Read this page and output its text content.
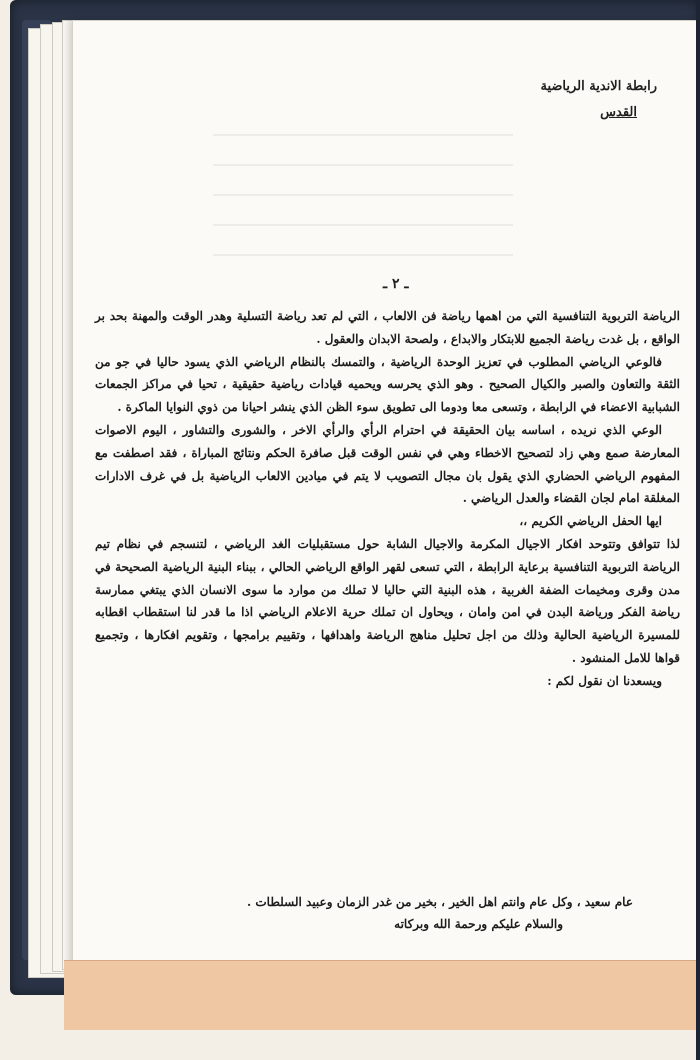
رابطة الاندية الرياضية
القدس
ـ ٢ ـ

الرياضة التربوية التنافسية التي من اهمها رياضة فن الالعاب ، التي لم تعد رياضة التسلية وهدر الوقت والمهنة بحد بر الواقع ، بل غدت رياضة الجميع للابتكار والابداع ، ولصحة الابدان والعقول .

فالوعي الرياضي المطلوب في تعزيز الوحدة الرياضية ، والتمسك بالنظام الرياضي الذي يسود حاليا في جو من الثقة والتعاون والصبر والكيال الصحيح . وهو الذي يحرسه ويحميه قيادات رياضية حقيقية ، تحيا في مراكز الجمعات الشبابية الاعضاء في الرابطة ، وتسعى معا ودوما الى تطويق سوء الظن الذي ينشر احيانا من ذوي النوايا الماكرة .

الوعي الذي نريده ، اساسه بيان الحقيقة في احترام الرأي والرأي الاخر ، والشورى والتشاور ، اليوم الاصوات المعارضة صمع وهي زاد لتصحيح الاخطاء وهي في نفس الوقت قبل صافرة الحكم ونتائج المباراة ، فقد اصطفت مع المفهوم الرياضي الحضاري الذي يقول بان مجال التصويب لا يتم في ميادين الالعاب الرياضية بل في غرف الادارات المغلقة امام لجان القضاء والعدل الرياضي .

ايها الحفل الرياضي الكريم ،،

لذا تتوافق وتتوحد افكار الاجيال المكرمة والاجيال الشابة حول مستقبليات الغد الرياضي ، لتنسجم في نظام تيم الرياضة التربوية التنافسية برعاية الرابطة ، التي تسعى لقهر الواقع الرياضي الحالي ، ببناء البنية الرياضية الصحيحة في مدن وقرى ومخيمات الضفة الغربية ، هذه البنية التي حاليا لا تملك من موارد ما سوى الانسان الذي يبتغي ممارسة رياضة الفكر ورياضة البدن في امن وامان ، ويحاول ان تملك حرية الاعلام الرياضي اذا ما قدر لنا استقطاب اقطابه للمسيرة الرياضية الحالية وذلك من اجل تحليل مناهج الرياضة واهدافها ، وتقييم برامجها ، وتقويم افكارها ، وتجميع قواها للامل المنشود .

ويسعدنا ان نقول لكم :

عام سعيد ، وكل عام وانتم اهل الخير ، بخير من غدر الزمان وعبيد السلطات .
والسلام عليكم ورحمة الله وبركاته
